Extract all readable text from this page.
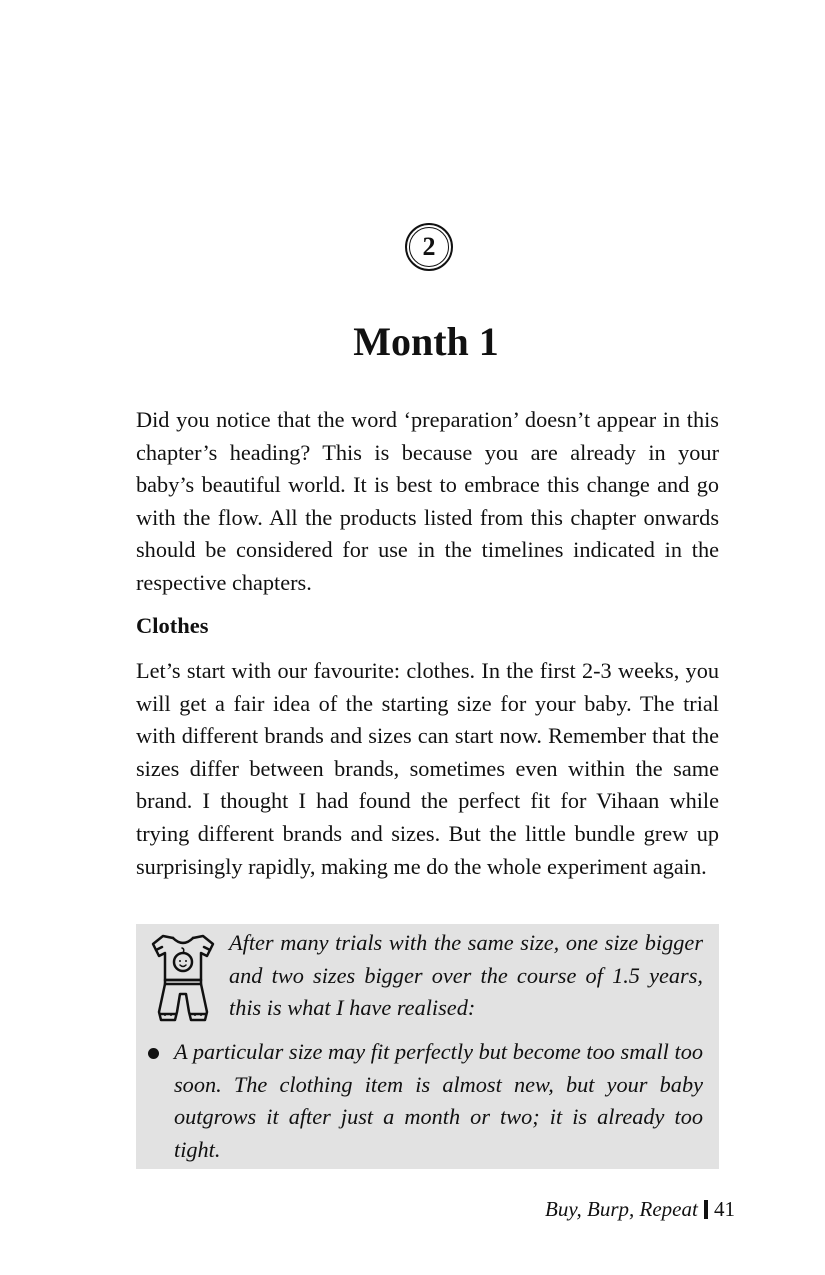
2
Month 1

Did you notice that the word ‘preparation’ doesn’t appear in this chapter’s heading? This is because you are already in your baby’s beautiful world. It is best to embrace this change and go with the flow. All the products listed from this chapter onwards should be considered for use in the timelines indicated in the respective chapters.

Clothes

Let’s start with our favourite: clothes. In the first 2-3 weeks, you will get a fair idea of the starting size for your baby. The trial with different brands and sizes can start now. Remember that the sizes differ between brands, sometimes even within the same brand. I thought I had found the perfect fit for Vihaan while trying different brands and sizes. But the little bundle grew up surprisingly rapidly, making me do the whole experiment again.

After many trials with the same size, one size bigger and two sizes bigger over the course of 1.5 years, this is what I have realised:

A particular size may fit perfectly but become too small too soon. The clothing item is almost new, but your baby outgrows it after just a month or two; it is already too tight.

Buy, Burp, Repeat 41
